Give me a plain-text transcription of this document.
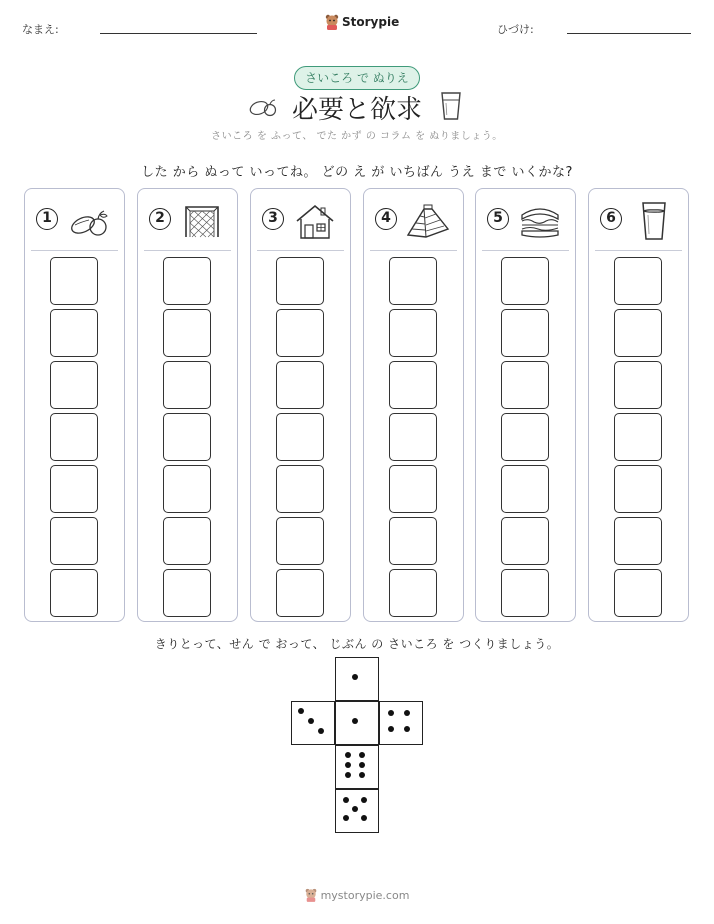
なまえ:
Storypie
ひづけ:
さいころ で ぬりえ
必要と欲求
さいころ を ふって、 でた かず の コラム を ぬりましょう。
した から ぬって いってね。 どの え が いちばん うえ まで いくかな?
1	2	3	4	5	6
きりとって、せん で おって、 じぶん の さいころ を つくりましょう。
mystorypie.com
